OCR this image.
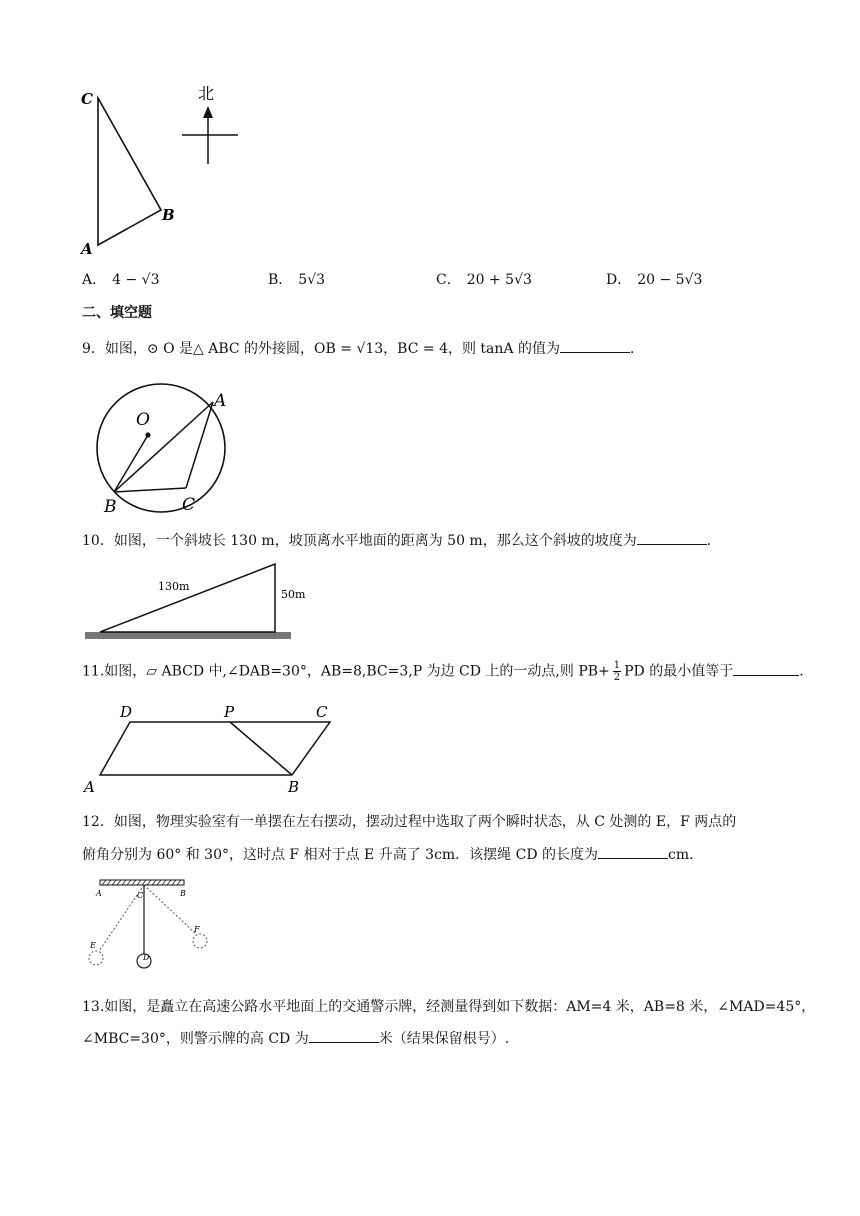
C
B
A
北
A． 4 − √3	B． 5√3	C． 20 + 5√3	D． 20 − 5√3
二、填空题
9．如图，⊙ O 是△ ABC 的外接圆，OB = √13，BC = 4，则 tanA 的值为	．
O
A
B	C
10．如图，一个斜坡长 130 m，坡顶离水平地面的距离为 50 m，那么这个斜坡的坡度为	．
130m
50m
11.如图，▱ ABCD 中,∠DAB=30°，AB=8,BC=3,P 为边 CD 上的一动点,则 $PB+ \frac{1}{2}$ PD 的最小值等于	.
D	P	C
A	B
12．如图，物理实验室有一单摆在左右摆动，摆动过程中选取了两个瞬时状态，从 C 处测的 E，F 两点的
俯角分别为 60° 和 30°，这时点 F 相对于点 E 升高了 3cm．该摆绳 CD 的长度为	cm．
A	B
C
D
E
F
13.如图，是矗立在高速公路水平地面上的交通警示牌，经测量得到如下数据：AM=4 米，AB=8 米，∠MAD=45°，
∠MBC=30°，则警示牌的高 CD 为	米（结果保留根号）.
